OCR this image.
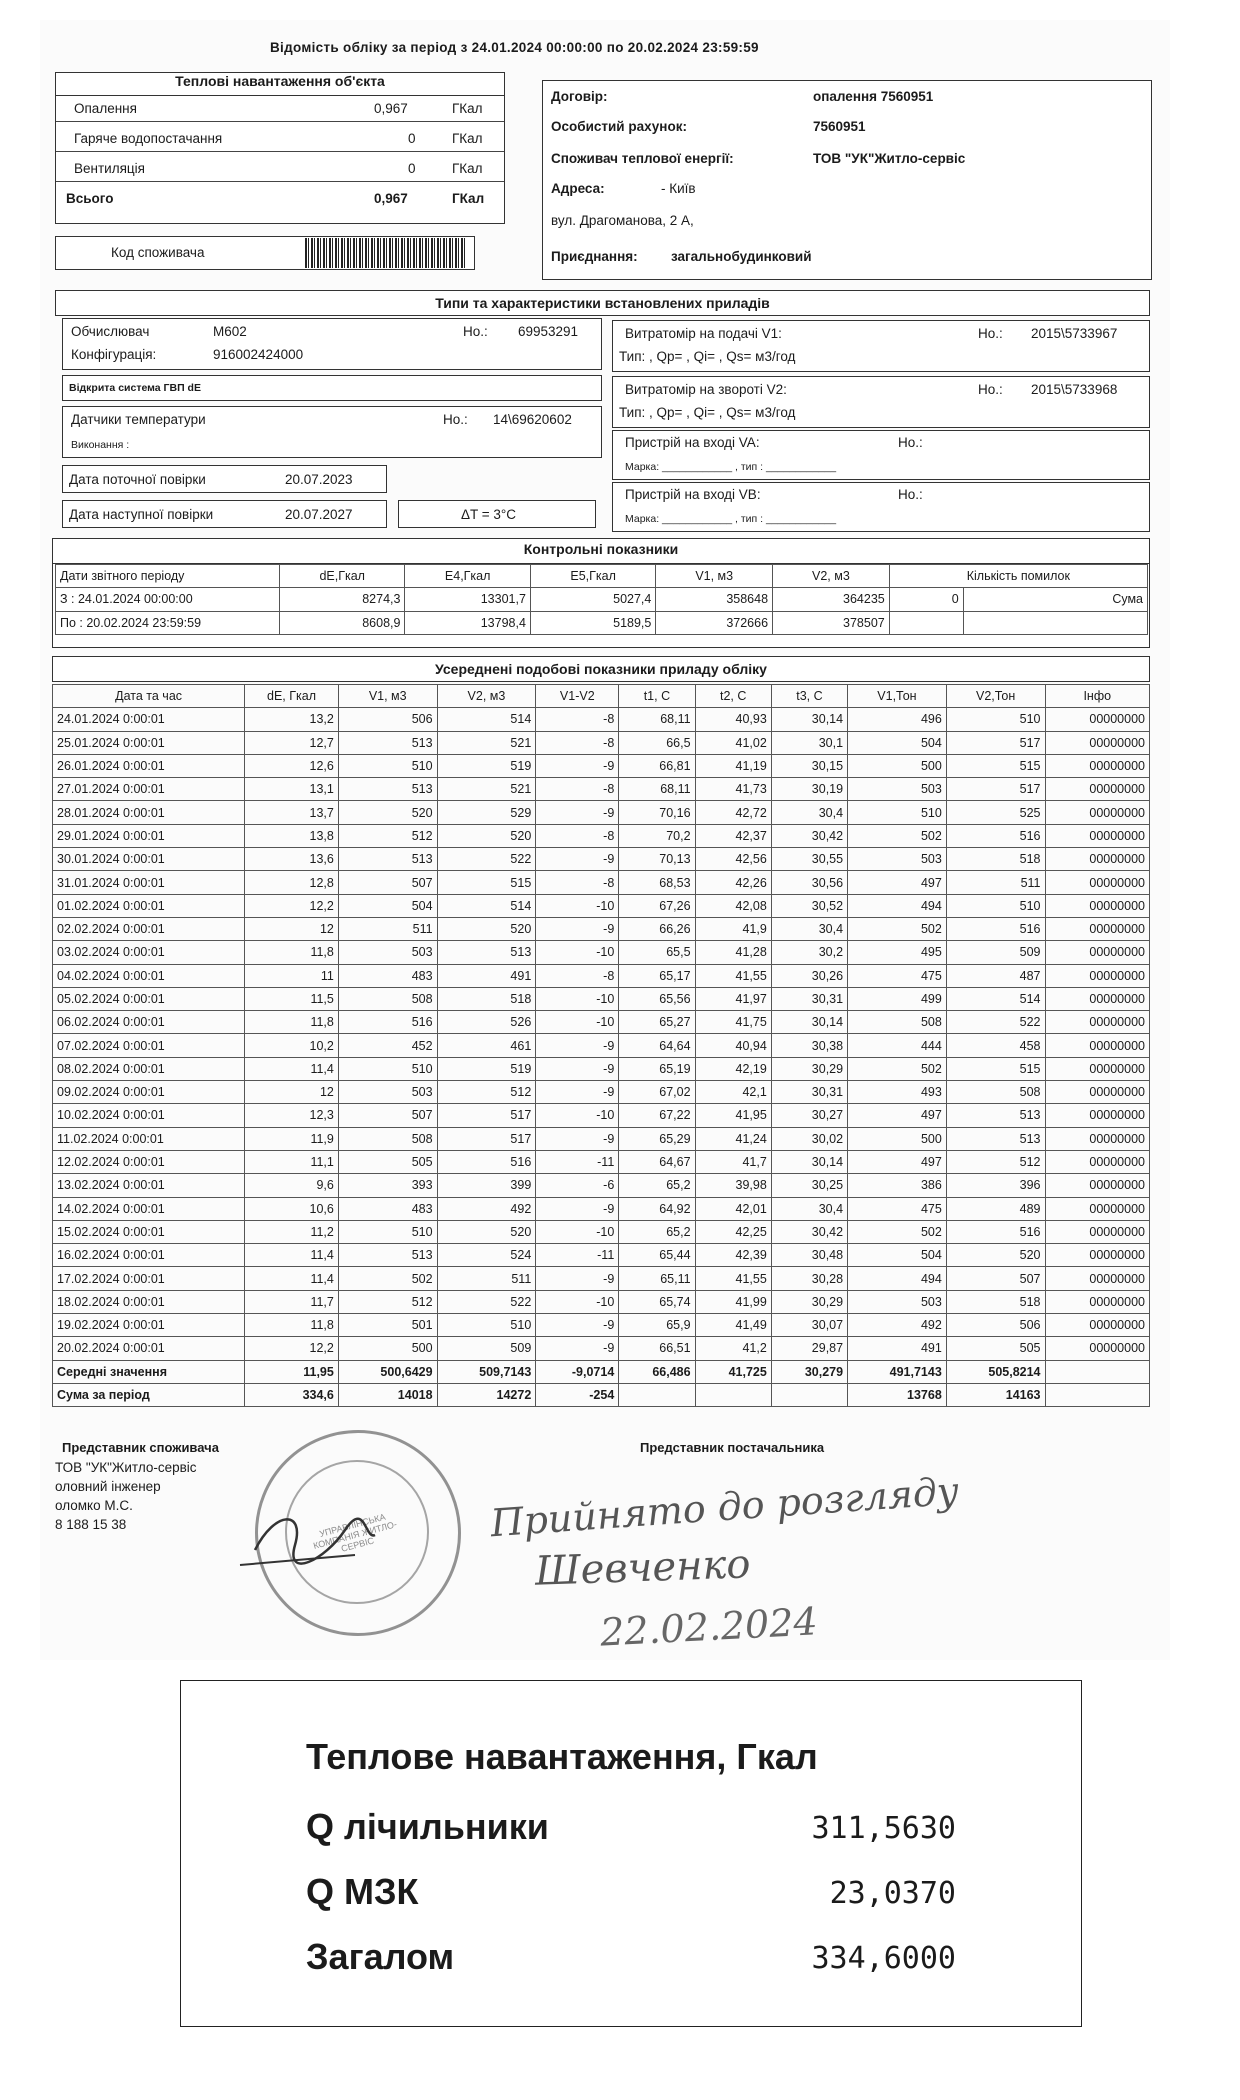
Відомість обліку за період з 24.01.2024 00:00:00 по 20.02.2024 23:59:59
Теплові навантаження об'єкта
Опалення	0,967	ГКал
Гаряче водопостачання	0	ГКал
Вентиляція	0	ГКал
Всього	0,967	ГКал
Код споживача
Договір:	опалення 7560951
Особистий рахунок:	7560951
Споживач теплової енергії:	ТОВ "УК"Житло-сервіс
Адреса:	- Київ
вул. Драгоманова, 2 А,
Приєднання: загальнобудинковий
Типи та характеристики встановлених приладів
Обчислювач	M602	Но.: 69953291
Конфігурація:	916002424000
Відкрита система ГВП dE
Датчики температури	Но.: 14\69620602
Виконання :
Дата поточної повірки	20.07.2023
Дата наступної повірки	20.07.2027	ΔT = 3°C
Витратомір на подачі V1:	Но.: 2015\5733967
Тип: , Qp= , Qi= , Qs= м3/год
Витратомір на звороті V2:	Но.: 2015\5733968
Тип: , Qp= , Qi= , Qs= м3/год
Пристрій на вході VA:	Но.:
Марка: ____________ , тип : ____________
Пристрій на вході VB:	Но.:
Марка: ____________ , тип : ____________
Контрольні показники
Дати звітного періоду	dE,Гкал	E4,Гкал	E5,Гкал	V1, м3	V2, м3	Кількість помилок	
З : 24.01.2024 00:00:00	8274,3	13301,7	5027,4	358648	364235	0	Сума
По : 20.02.2024 23:59:59	8608,9	13798,4	5189,5	372666	378507		
Усереднені подобові показники приладу обліку
Дата та час	dE, Гкал	V1, м3	V2, м3	V1-V2	t1, C	t2, C	t3, C	V1,Тон	V2,Тон	Інфо
24.01.2024 0:00:01	13,2	506	514	-8	68,11	40,93	30,14	496	510	00000000
25.01.2024 0:00:01	12,7	513	521	-8	66,5	41,02	30,1	504	517	00000000
26.01.2024 0:00:01	12,6	510	519	-9	66,81	41,19	30,15	500	515	00000000
27.01.2024 0:00:01	13,1	513	521	-8	68,11	41,73	30,19	503	517	00000000
28.01.2024 0:00:01	13,7	520	529	-9	70,16	42,72	30,4	510	525	00000000
29.01.2024 0:00:01	13,8	512	520	-8	70,2	42,37	30,42	502	516	00000000
30.01.2024 0:00:01	13,6	513	522	-9	70,13	42,56	30,55	503	518	00000000
31.01.2024 0:00:01	12,8	507	515	-8	68,53	42,26	30,56	497	511	00000000
01.02.2024 0:00:01	12,2	504	514	-10	67,26	42,08	30,52	494	510	00000000
02.02.2024 0:00:01	12	511	520	-9	66,26	41,9	30,4	502	516	00000000
03.02.2024 0:00:01	11,8	503	513	-10	65,5	41,28	30,2	495	509	00000000
04.02.2024 0:00:01	11	483	491	-8	65,17	41,55	30,26	475	487	00000000
05.02.2024 0:00:01	11,5	508	518	-10	65,56	41,97	30,31	499	514	00000000
06.02.2024 0:00:01	11,8	516	526	-10	65,27	41,75	30,14	508	522	00000000
07.02.2024 0:00:01	10,2	452	461	-9	64,64	40,94	30,38	444	458	00000000
08.02.2024 0:00:01	11,4	510	519	-9	65,19	42,19	30,29	502	515	00000000
09.02.2024 0:00:01	12	503	512	-9	67,02	42,1	30,31	493	508	00000000
10.02.2024 0:00:01	12,3	507	517	-10	67,22	41,95	30,27	497	513	00000000
11.02.2024 0:00:01	11,9	508	517	-9	65,29	41,24	30,02	500	513	00000000
12.02.2024 0:00:01	11,1	505	516	-11	64,67	41,7	30,14	497	512	00000000
13.02.2024 0:00:01	9,6	393	399	-6	65,2	39,98	30,25	386	396	00000000
14.02.2024 0:00:01	10,6	483	492	-9	64,92	42,01	30,4	475	489	00000000
15.02.2024 0:00:01	11,2	510	520	-10	65,2	42,25	30,42	502	516	00000000
16.02.2024 0:00:01	11,4	513	524	-11	65,44	42,39	30,48	504	520	00000000
17.02.2024 0:00:01	11,4	502	511	-9	65,11	41,55	30,28	494	507	00000000
18.02.2024 0:00:01	11,7	512	522	-10	65,74	41,99	30,29	503	518	00000000
19.02.2024 0:00:01	11,8	501	510	-9	65,9	41,49	30,07	492	506	00000000
20.02.2024 0:00:01	12,2	500	509	-9	66,51	41,2	29,87	491	505	00000000
Середні значення	11,95	500,6429	509,7143	-9,0714	66,486	41,725	30,279	491,7143	505,8214	
Сума за період	334,6	14018	14272	-254				13768	14163	
Представник споживача	Представник постачальника
ТОВ "УК"Житло-сервіс
оловний інженер
оломко М.С.
8 188 15 38	УПРАВЛІНСЬКА КОМПАНІЯ ЖИТЛО-СЕРВІС	Прийнято до розгляду
Шевченко
22.02.2024
Теплове навантаження, Гкал
Q лічильники	311,5630
Q МЗК	23,0370
Загалом	334,6000
